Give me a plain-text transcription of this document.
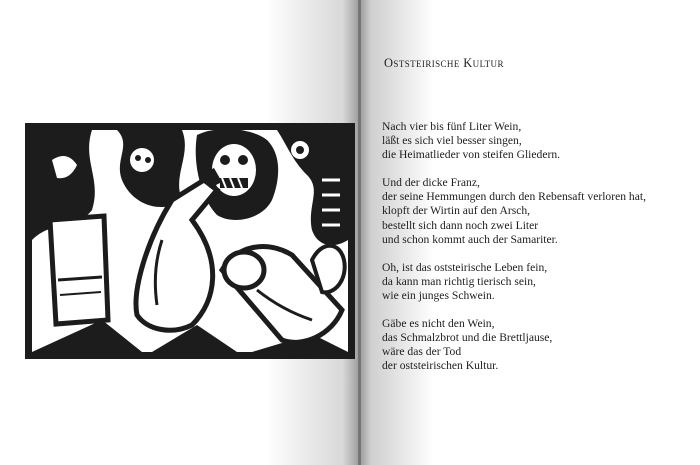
Oststeirische Kultur

Nach vier bis fünf Liter Wein,
läßt es sich viel besser singen,
die Heimatlieder von steifen Gliedern.

Und der dicke Franz,
der seine Hemmungen durch den Rebensaft verloren hat,
klopft der Wirtin auf den Arsch,
bestellt sich dann noch zwei Liter
und schon kommt auch der Samariter.

Oh, ist das oststeirische Leben fein,
da kann man richtig tierisch sein,
wie ein junges Schwein.

Gäbe es nicht den Wein,
das Schmalzbrot und die Brettljause,
wäre das der Tod
der oststeirischen Kultur.
